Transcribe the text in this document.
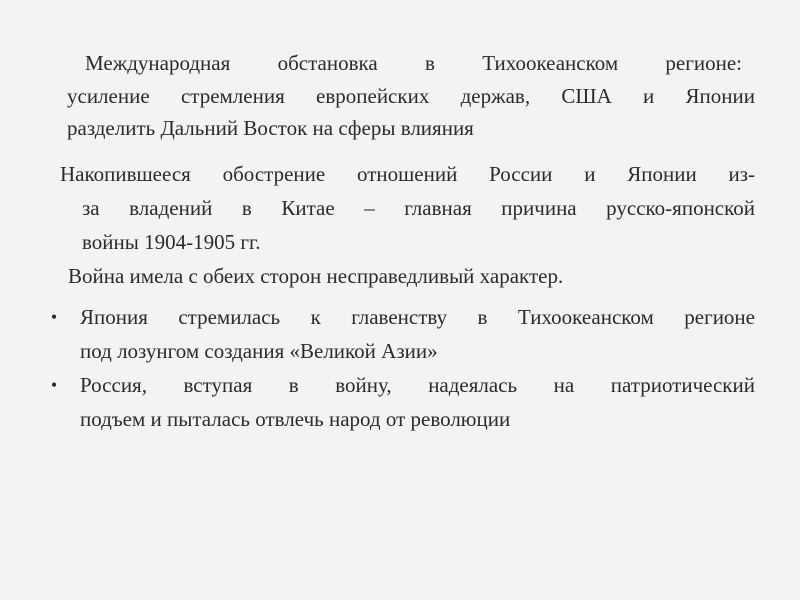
Международная обстановка в Тихоокеанском регионе:
усиление стремления европейских держав, США и Японии
разделить Дальний Восток на сферы влияния
Накопившееся обострение отношений России и Японии из-
за владений в Китае – главная причина русско-японской
войны 1904-1905 гг.
Война имела с обеих сторон несправедливый характер.
• Япония стремилась к главенству в Тихоокеанском регионе
под лозунгом создания «Великой Азии»
• Россия, вступая в войну, надеялась на патриотический
подъем и пыталась отвлечь народ от революции
